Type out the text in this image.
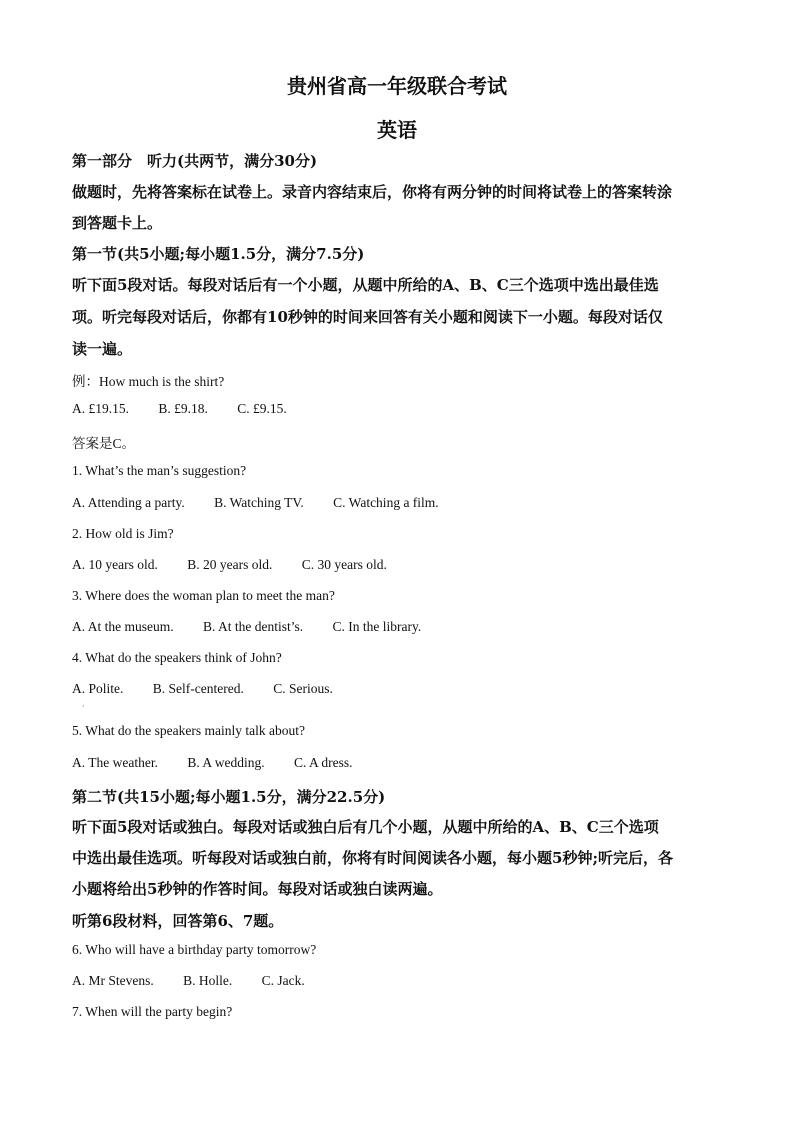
贵州省高一年级联合考试
英语
第一部分　听力(共两节，满分30分)
做题时，先将答案标在试卷上。录音内容结束后，你将有两分钟的时间将试卷上的答案转涂
到答题卡上。
第一节(共5小题;每小题1.5分，满分7.5分)
听下面5段对话。每段对话后有一个小题，从题中所给的A、B、C三个选项中选出最佳选
项。听完每段对话后，你都有10秒钟的时间来回答有关小题和阅读下一小题。每段对话仅
读一遍。
例：How much is the shirt?
A. £19.15. B. £9.18. C. £9.15.
答案是C。
1. What’s the man’s suggestion?
A. Attending a party. B. Watching TV. C. Watching a film.
2. How old is Jim?
A. 10 years old. B. 20 years old. C. 30 years old.
3. Where does the woman plan to meet the man?
A. At the museum. B. At the dentist’s. C. In the library.
4. What do the speakers think of John?
A. Polite. B. Self-centered. C. Serious.
·
5. What do the speakers mainly talk about?
A. The weather. B. A wedding. C. A dress.
第二节(共15小题;每小题1.5分，满分22.5分)
听下面5段对话或独白。每段对话或独白后有几个小题，从题中所给的A、B、C三个选项
中选出最佳选项。听每段对话或独白前，你将有时间阅读各小题，每小题5秒钟;听完后，各
小题将给出5秒钟的作答时间。每段对话或独白读两遍。
听第6段材料，回答第6、7题。
6. Who will have a birthday party tomorrow?
A. Mr Stevens. B. Holle. C. Jack.
7. When will the party begin?
